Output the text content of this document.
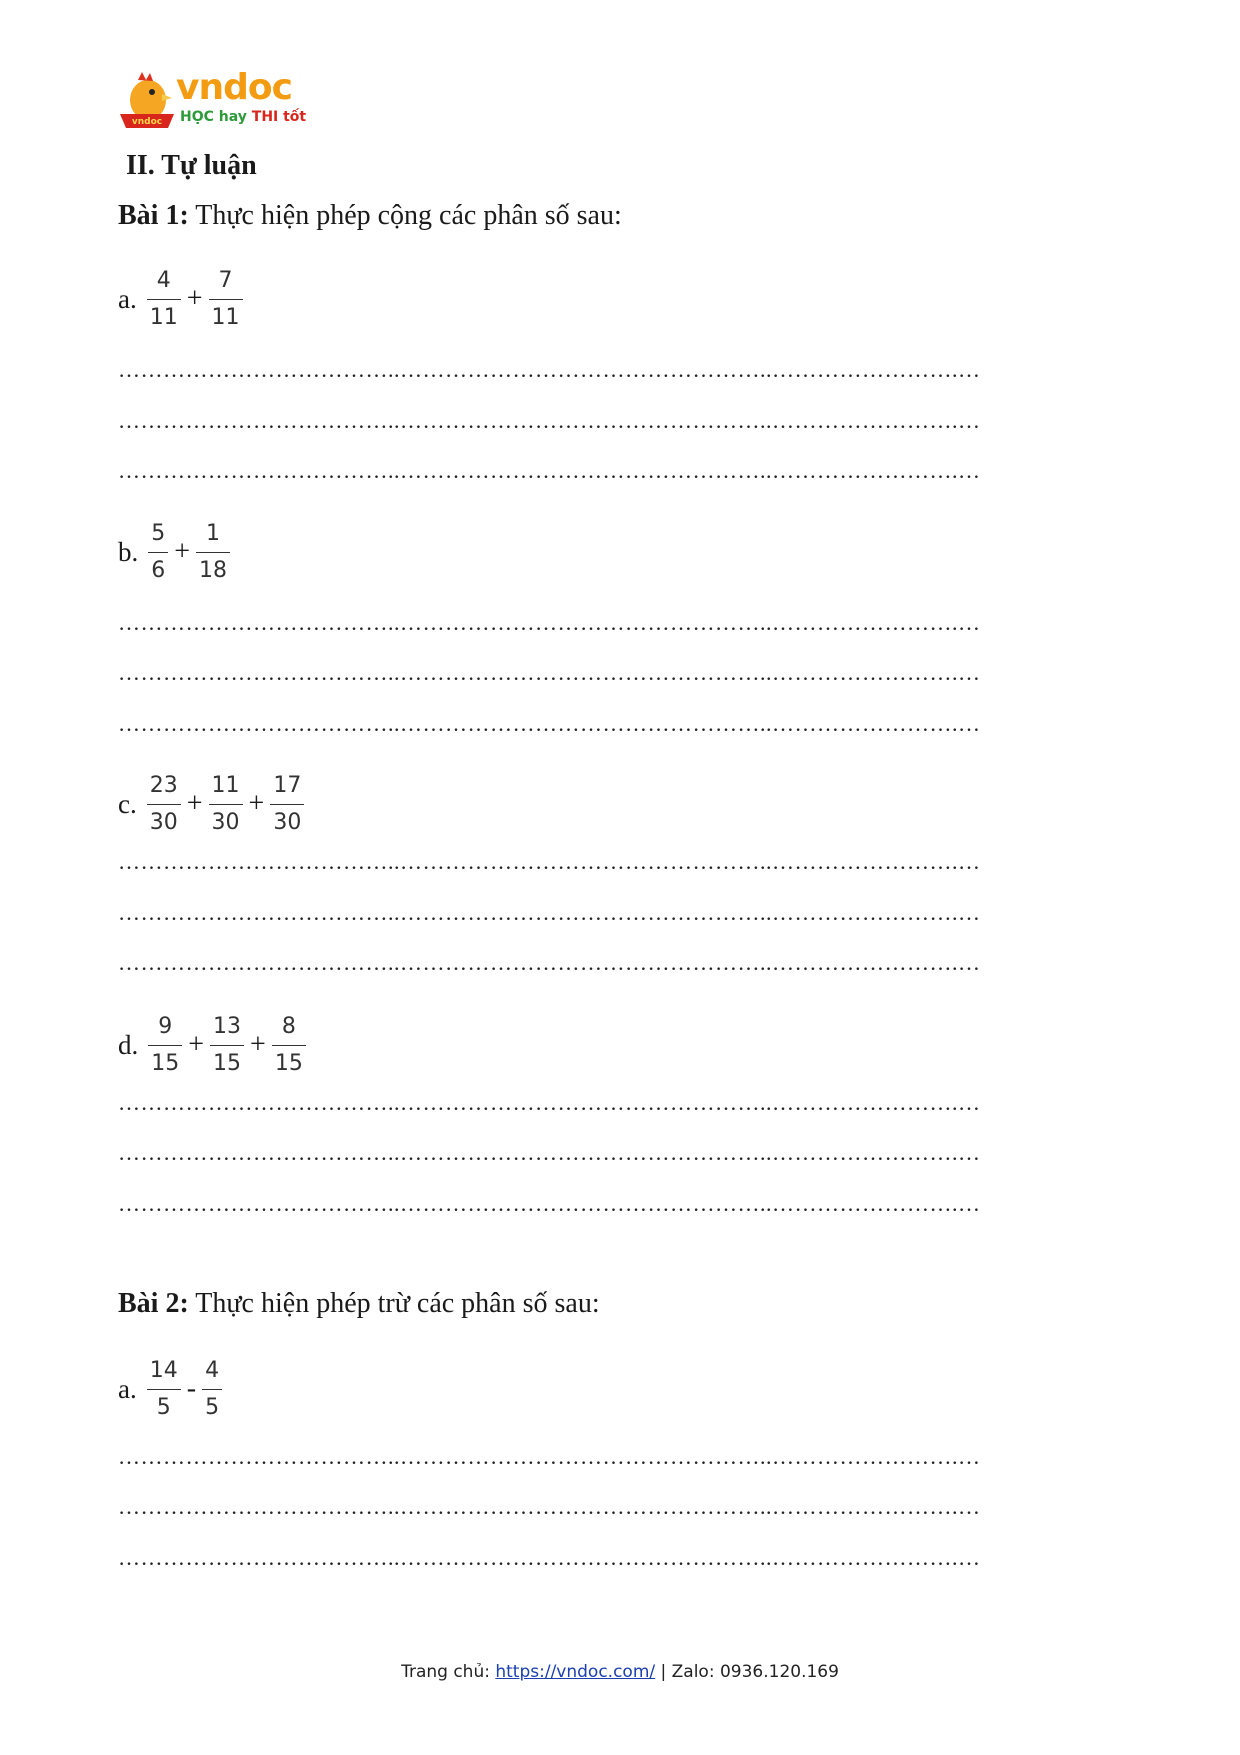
vndoc
vndoc
HỌC hay THI tốt
II. Tự luận
Bài 1: Thực hiện phép cộng các phân số sau:
a. $\frac{4}{11} + \frac{7}{11}$
………………………………..…………………………………………..…………………….…
………………………………..…………………………………………..…………………….…
………………………………..…………………………………………..…………………….…
b. $\frac{5}{6} + \frac{1}{18}$
………………………………..…………………………………………..…………………….…
………………………………..…………………………………………..…………………….…
………………………………..…………………………………………..…………………….…
c. $\frac{23}{30} + \frac{11}{30} + \frac{17}{30}$
………………………………..…………………………………………..…………………….…
………………………………..…………………………………………..…………………….…
………………………………..…………………………………………..…………………….…
d. $\frac{9}{15} + \frac{13}{15} + \frac{8}{15}$
………………………………..…………………………………………..…………………….…
………………………………..…………………………………………..…………………….…
………………………………..…………………………………………..…………………….…
Bài 2: Thực hiện phép trừ các phân số sau:
a. $\frac{14}{5} - \frac{4}{5}$
………………………………..…………………………………………..…………………….…
………………………………..…………………………………………..…………………….…
………………………………..…………………………………………..…………………….…
Trang chủ: https://vndoc.com/ | Zalo: 0936.120.169
